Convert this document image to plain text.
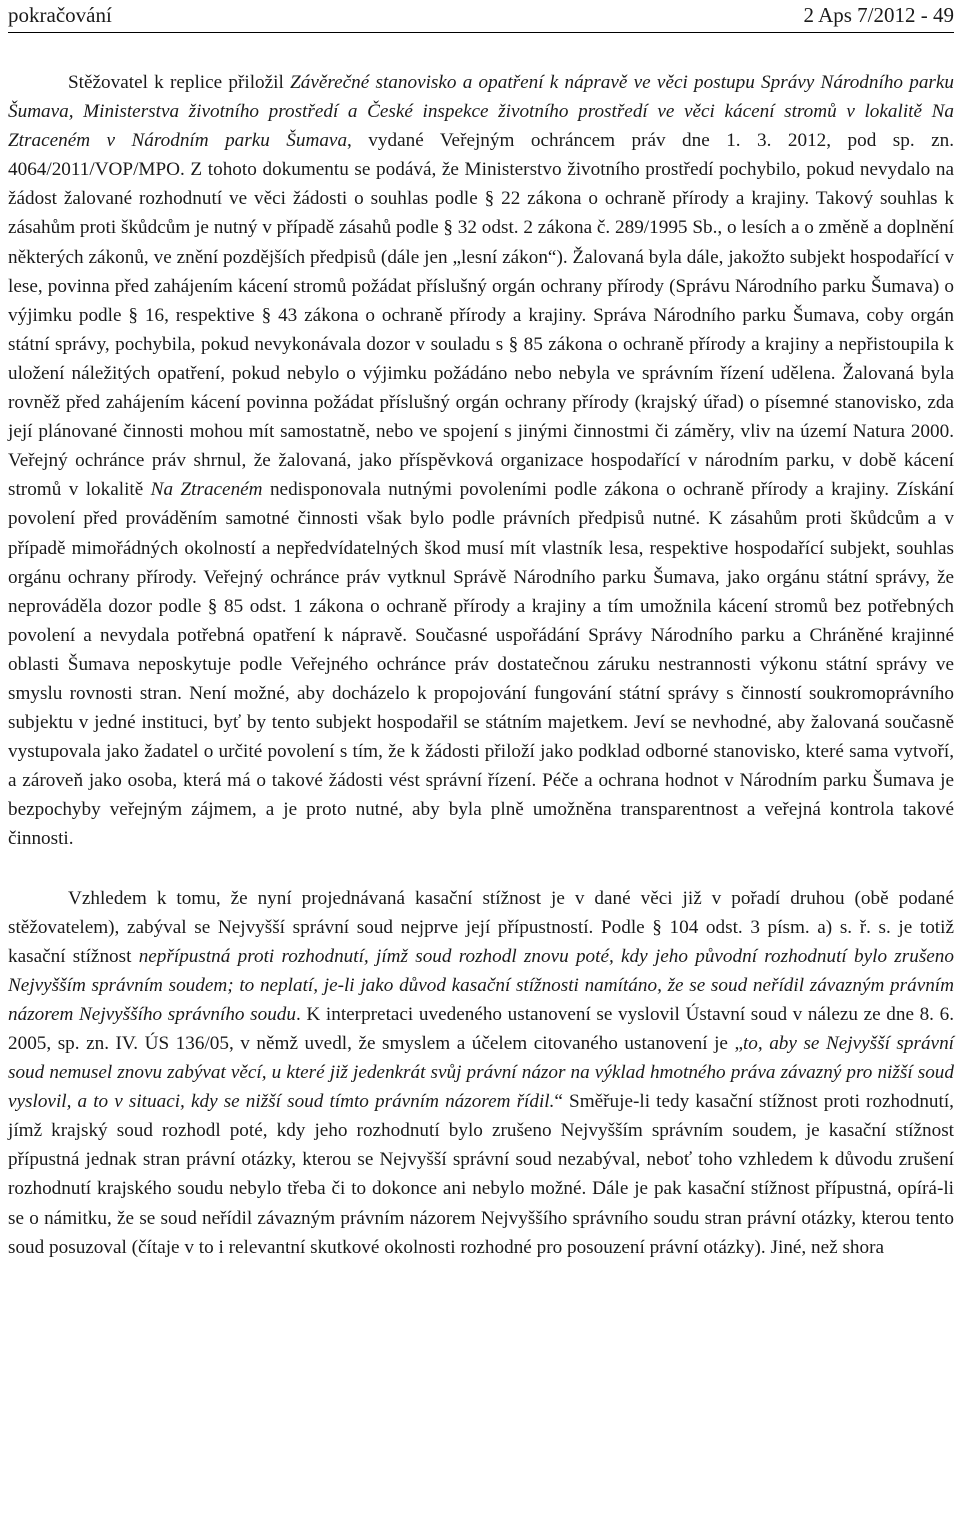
pokračování	2 Aps 7/2012 - 49

Stěžovatel k replice přiložil Závěrečné stanovisko a opatření k nápravě ve věci postupu Správy Národního parku Šumava, Ministerstva životního prostředí a České inspekce životního prostředí ve věci kácení stromů v lokalitě Na Ztraceném v Národním parku Šumava, vydané Veřejným ochráncem práv dne 1. 3. 2012, pod sp. zn. 4064/2011/VOP/MPO. Z tohoto dokumentu se podává, že Ministerstvo životního prostředí pochybilo, pokud nevydalo na žádost žalované rozhodnutí ve věci žádosti o souhlas podle § 22 zákona o ochraně přírody a krajiny. Takový souhlas k zásahům proti škůdcům je nutný v případě zásahů podle § 32 odst. 2 zákona č. 289/1995 Sb., o lesích a o změně a doplnění některých zákonů, ve znění pozdějších předpisů (dále jen „lesní zákon“). Žalovaná byla dále, jakožto subjekt hospodařící v lese, povinna před zahájením kácení stromů požádat příslušný orgán ochrany přírody (Správu Národního parku Šumava) o výjimku podle § 16, respektive § 43 zákona o ochraně přírody a krajiny. Správa Národního parku Šumava, coby orgán státní správy, pochybila, pokud nevykonávala dozor v souladu s § 85 zákona o ochraně přírody a krajiny a nepřistoupila k uložení náležitých opatření, pokud nebylo o výjimku požádáno nebo nebyla ve správním řízení udělena. Žalovaná byla rovněž před zahájením kácení povinna požádat příslušný orgán ochrany přírody (krajský úřad) o písemné stanovisko, zda její plánované činnosti mohou mít samostatně, nebo ve spojení s jinými činnostmi či záměry, vliv na území Natura 2000. Veřejný ochránce práv shrnul, že žalovaná, jako příspěvková organizace hospodařící v národním parku, v době kácení stromů v lokalitě Na Ztraceném nedisponovala nutnými povoleními podle zákona o ochraně přírody a krajiny. Získání povolení před prováděním samotné činnosti však bylo podle právních předpisů nutné. K zásahům proti škůdcům a v případě mimořádných okolností a nepředvídatelných škod musí mít vlastník lesa, respektive hospodařící subjekt, souhlas orgánu ochrany přírody. Veřejný ochránce práv vytknul Správě Národního parku Šumava, jako orgánu státní správy, že neprováděla dozor podle § 85 odst. 1 zákona o ochraně přírody a krajiny a tím umožnila kácení stromů bez potřebných povolení a nevydala potřebná opatření k nápravě. Současné uspořádání Správy Národního parku a Chráněné krajinné oblasti Šumava neposkytuje podle Veřejného ochránce práv dostatečnou záruku nestrannosti výkonu státní správy ve smyslu rovnosti stran. Není možné, aby docházelo k propojování fungování státní správy s činností soukromoprávního subjektu v jedné instituci, byť by tento subjekt hospodařil se státním majetkem. Jeví se nevhodné, aby žalovaná současně vystupovala jako žadatel o určité povolení s tím, že k žádosti přiloží jako podklad odborné stanovisko, které sama vytvoří, a zároveň jako osoba, která má o takové žádosti vést správní řízení. Péče a ochrana hodnot v Národním parku Šumava je bezpochyby veřejným zájmem, a je proto nutné, aby byla plně umožněna transparentnost a veřejná kontrola takové činnosti.

Vzhledem k tomu, že nyní projednávaná kasační stížnost je v dané věci již v pořadí druhou (obě podané stěžovatelem), zabýval se Nejvyšší správní soud nejprve její přípustností. Podle § 104 odst. 3 písm. a) s. ř. s. je totiž kasační stížnost nepřípustná proti rozhodnutí, jímž soud rozhodl znovu poté, kdy jeho původní rozhodnutí bylo zrušeno Nejvyšším správním soudem; to neplatí, je-li jako důvod kasační stížnosti namítáno, že se soud neřídil závazným právním názorem Nejvyššího správního soudu. K interpretaci uvedeného ustanovení se vyslovil Ústavní soud v nálezu ze dne 8. 6. 2005, sp. zn. IV. ÚS 136/05, v němž uvedl, že smyslem a účelem citovaného ustanovení je „to, aby se Nejvyšší správní soud nemusel znovu zabývat věcí, u které již jedenkrát svůj právní názor na výklad hmotného práva závazný pro nižší soud vyslovil, a to v situaci, kdy se nižší soud tímto právním názorem řídil.“ Směřuje-li tedy kasační stížnost proti rozhodnutí, jímž krajský soud rozhodl poté, kdy jeho rozhodnutí bylo zrušeno Nejvyšším správním soudem, je kasační stížnost přípustná jednak stran právní otázky, kterou se Nejvyšší správní soud nezabýval, neboť toho vzhledem k důvodu zrušení rozhodnutí krajského soudu nebylo třeba či to dokonce ani nebylo možné. Dále je pak kasační stížnost přípustná, opírá-li se o námitku, že se soud neřídil závazným právním názorem Nejvyššího správního soudu stran právní otázky, kterou tento soud posuzoval (čítaje v to i relevantní skutkové okolnosti rozhodné pro posouzení právní otázky). Jiné, než shora
